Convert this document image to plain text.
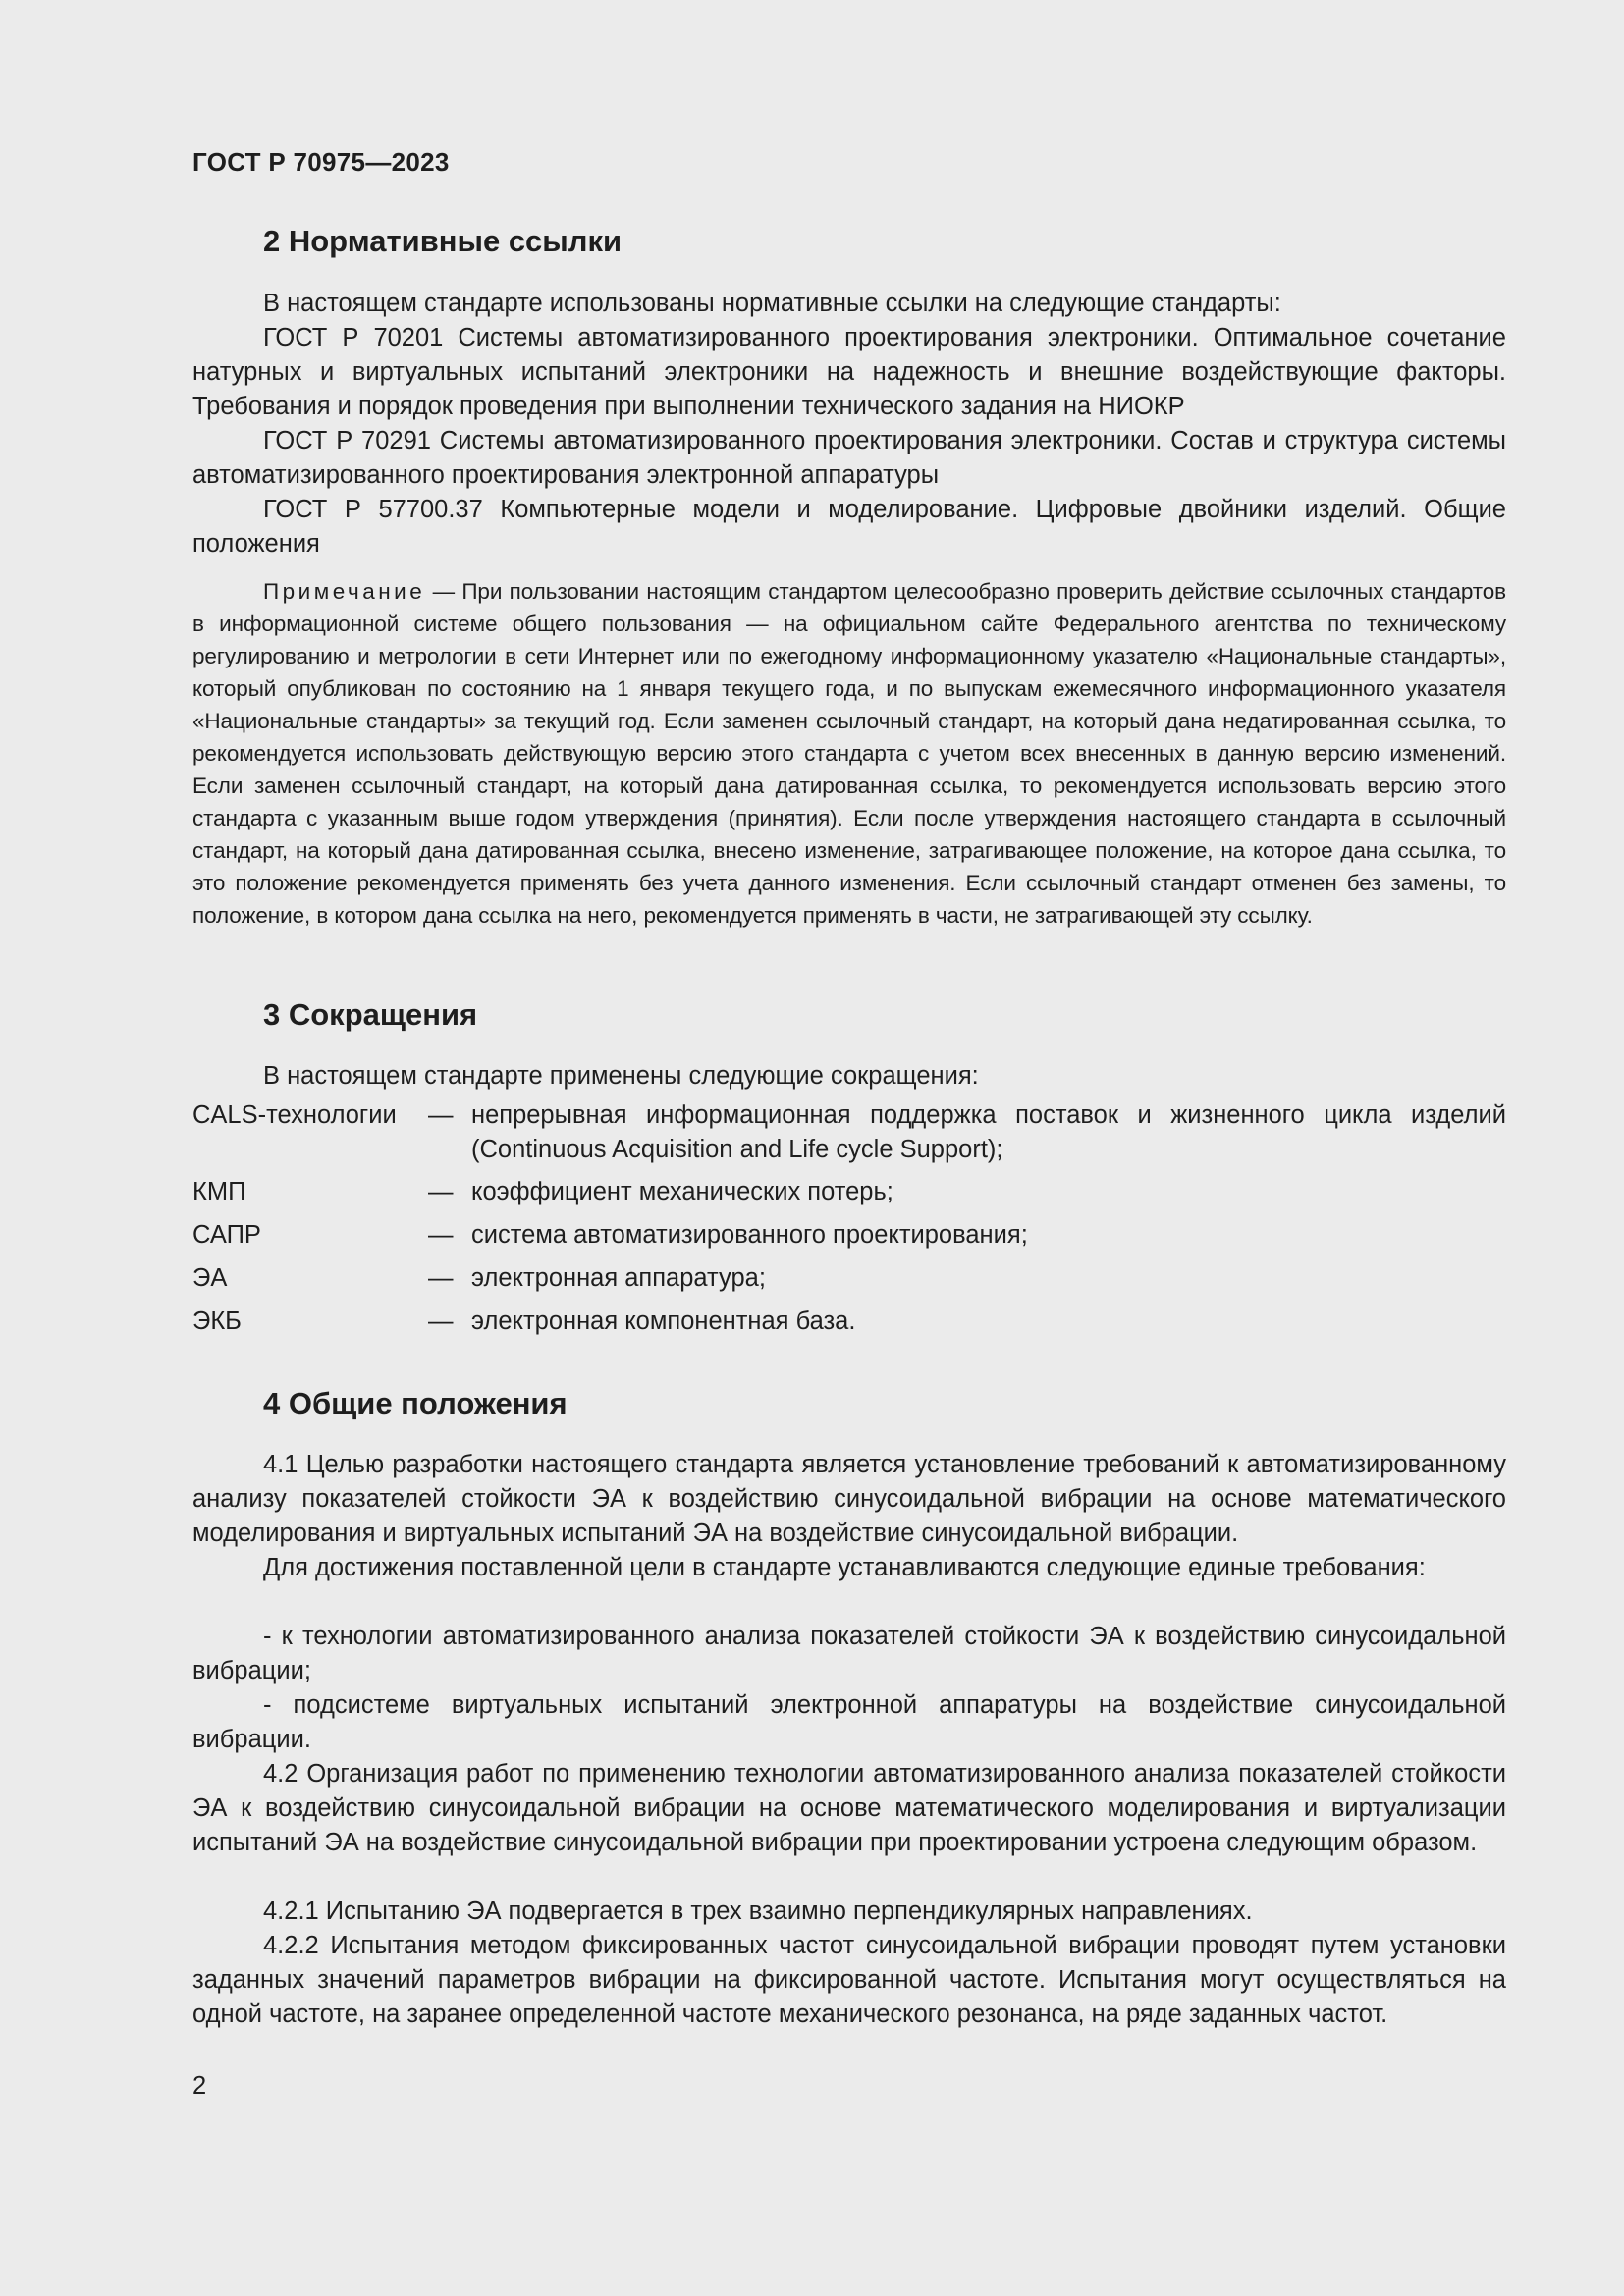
ГОСТ Р 70975—2023
2 Нормативные ссылки

В настоящем стандарте использованы нормативные ссылки на следующие стандарты:

ГОСТ Р 70201 Системы автоматизированного проектирования электроники. Оптимальное сочетание натурных и виртуальных испытаний электроники на надежность и внешние воздействующие факторы. Требования и порядок проведения при выполнении технического задания на НИОКР

ГОСТ Р 70291 Системы автоматизированного проектирования электроники. Состав и структура системы автоматизированного проектирования электронной аппаратуры

ГОСТ Р 57700.37 Компьютерные модели и моделирование. Цифровые двойники изделий. Общие положения

Примечание — При пользовании настоящим стандартом целесообразно проверить действие ссылочных стандартов в информационной системе общего пользования — на официальном сайте Федерального агентства по техническому регулированию и метрологии в сети Интернет или по ежегодному информационному указателю «Национальные стандарты», который опубликован по состоянию на 1 января текущего года, и по выпускам ежемесячного информационного указателя «Национальные стандарты» за текущий год. Если заменен ссылочный стандарт, на который дана недатированная ссылка, то рекомендуется использовать действующую версию этого стандарта с учетом всех внесенных в данную версию изменений. Если заменен ссылочный стандарт, на который дана датированная ссылка, то рекомендуется использовать версию этого стандарта с указанным выше годом утверждения (принятия). Если после утверждения настоящего стандарта в ссылочный стандарт, на который дана датированная ссылка, внесено изменение, затрагивающее положение, на которое дана ссылка, то это положение рекомендуется применять без учета данного изменения. Если ссылочный стандарт отменен без замены, то положение, в котором дана ссылка на него, рекомендуется применять в части, не затрагивающей эту ссылку.

3 Сокращения

В настоящем стандарте применены следующие сокращения:

CALS-технологии — непрерывная информационная поддержка поставок и жизненного цикла изделий (Continuous Acquisition and Life cycle Support);
КМП	— коэффициент механических потерь;
САПР	— система автоматизированного проектирования;
ЭА	— электронная аппаратура;
ЭКБ	— электронная компонентная база.
4 Общие положения

4.1 Целью разработки настоящего стандарта является установление требований к автоматизированному анализу показателей стойкости ЭА к воздействию синусоидальной вибрации на основе математического моделирования и виртуальных испытаний ЭА на воздействие синусоидальной вибрации.

Для достижения поставленной цели в стандарте устанавливаются следующие единые требования:

- к технологии автоматизированного анализа показателей стойкости ЭА к воздействию синусоидальной вибрации;

- подсистеме виртуальных испытаний электронной аппаратуры на воздействие синусоидальной вибрации.

4.2 Организация работ по применению технологии автоматизированного анализа показателей стойкости ЭА к воздействию синусоидальной вибрации на основе математического моделирования и виртуализации испытаний ЭА на воздействие синусоидальной вибрации при проектировании устроена следующим образом.

4.2.1 Испытанию ЭА подвергается в трех взаимно перпендикулярных направлениях.

4.2.2 Испытания методом фиксированных частот синусоидальной вибрации проводят путем установки заданных значений параметров вибрации на фиксированной частоте. Испытания могут осуществляться на одной частоте, на заранее определенной частоте механического резонанса, на ряде заданных частот.

2
